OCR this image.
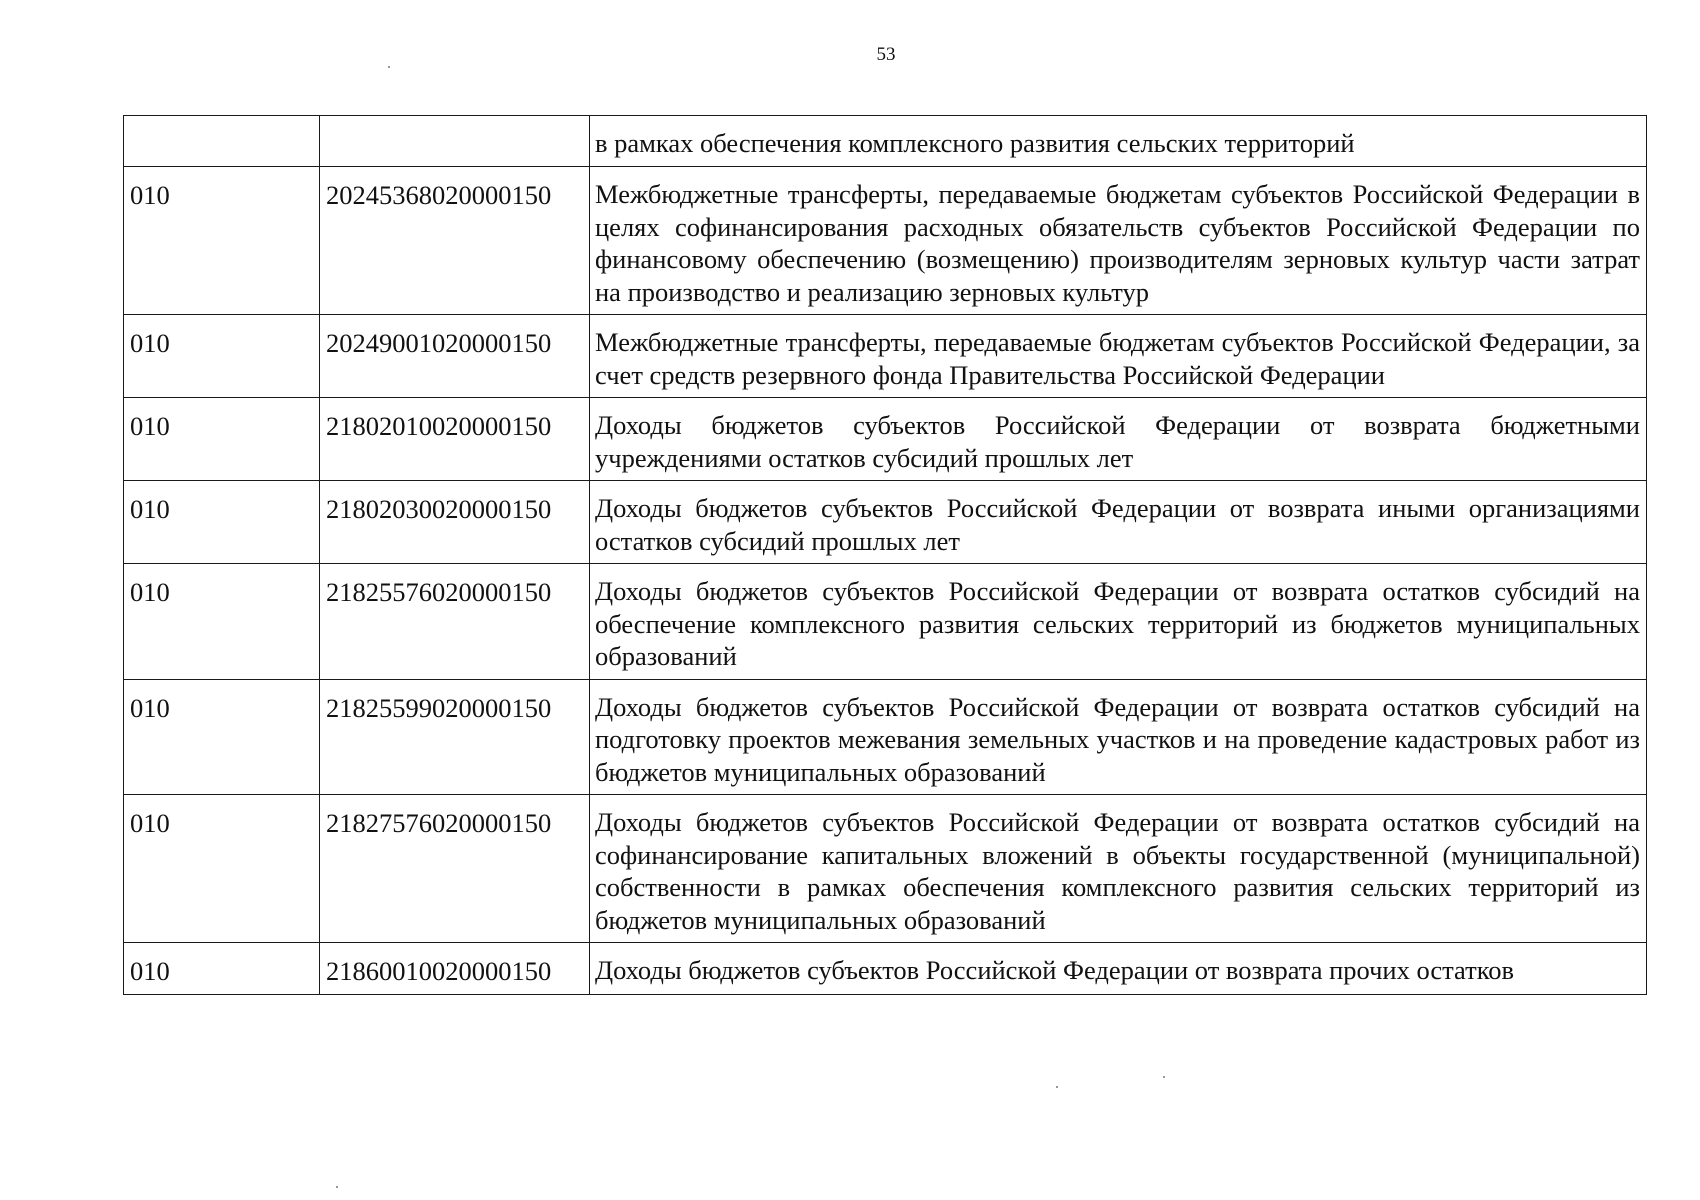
53
		в рамках обеспечения комплексного развития сельских территорий
010	20245368020000150	Межбюджетные трансферты, передаваемые бюджетам субъектов Российской Федерации в целях софинансирования расходных обязательств субъектов Российской Федерации по финансовому обеспечению (возмещению) производителям зерновых культур части затрат на производство и реализацию зерновых культур
010	20249001020000150	Межбюджетные трансферты, передаваемые бюджетам субъектов Российской Федерации, за счет средств резервного фонда Правительства Российской Федерации
010	21802010020000150	Доходы бюджетов субъектов Российской Федерации от возврата бюджетными учреждениями остатков субсидий прошлых лет
010	21802030020000150	Доходы бюджетов субъектов Российской Федерации от возврата иными организациями остатков субсидий прошлых лет
010	21825576020000150	Доходы бюджетов субъектов Российской Федерации от возврата остатков субсидий на обеспечение комплексного развития сельских территорий из бюджетов муниципальных образований
010	21825599020000150	Доходы бюджетов субъектов Российской Федерации от возврата остатков субсидий на подготовку проектов межевания земельных участков и на проведение кадастровых работ из бюджетов муниципальных образований
010	21827576020000150	Доходы бюджетов субъектов Российской Федерации от возврата остатков субсидий на софинансирование капитальных вложений в объекты государственной (муниципальной) собственности в рамках обеспечения комплексного развития сельских территорий из бюджетов муниципальных образований
010	21860010020000150	Доходы бюджетов субъектов Российской Федерации от возврата прочих остатков
